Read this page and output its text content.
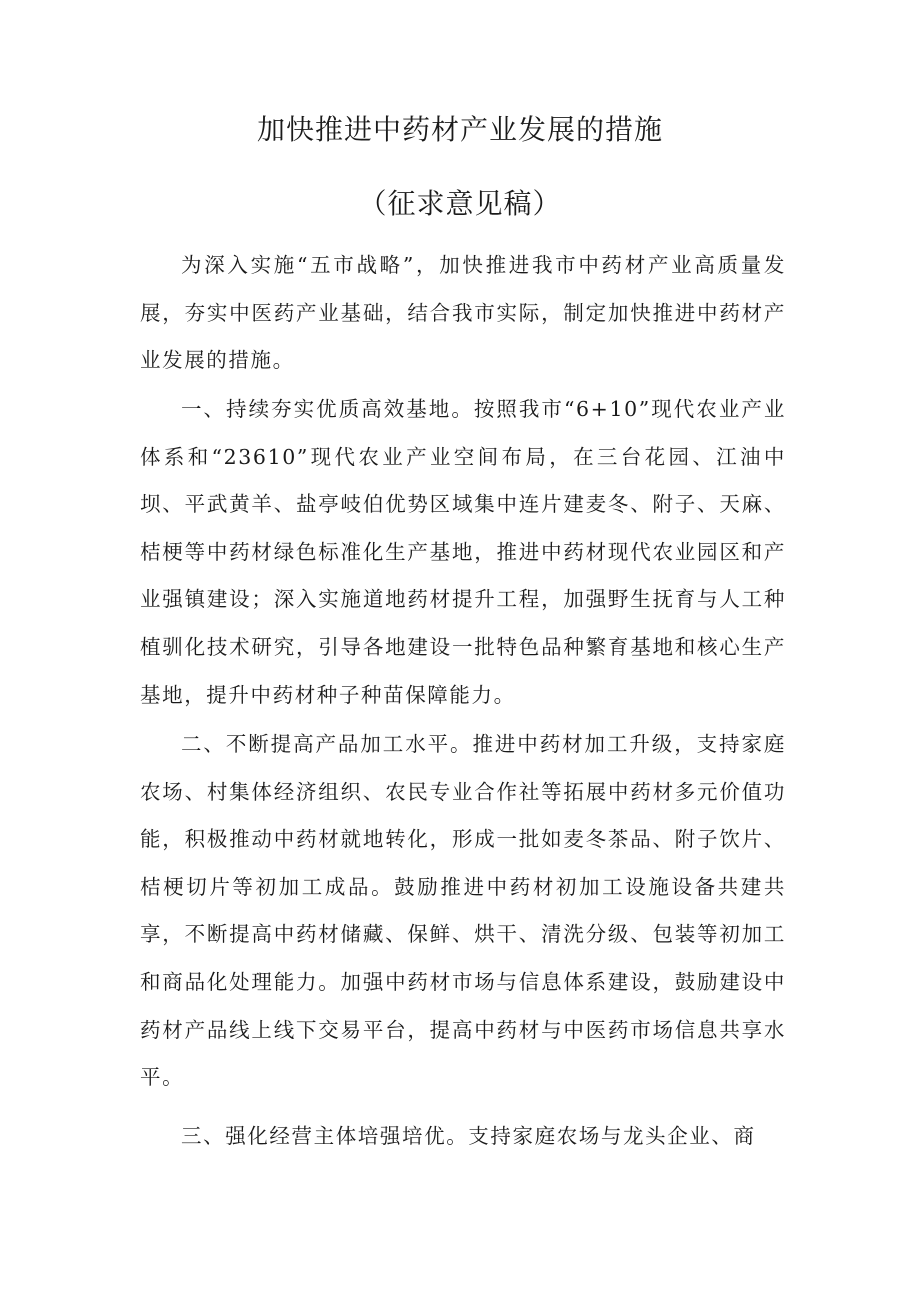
加快推进中药材产业发展的措施
（征求意见稿）

为深入实施“五市战略”，加快推进我市中药材产业高质量发展，夯实中医药产业基础，结合我市实际，制定加快推进中药材产业发展的措施。

一、持续夯实优质高效基地。按照我市“6+10”现代农业产业体系和“23610”现代农业产业空间布局，在三台花园、江油中坝、平武黄羊、盐亭岐伯优势区域集中连片建麦冬、附子、天麻、桔梗等中药材绿色标准化生产基地，推进中药材现代农业园区和产业强镇建设；深入实施道地药材提升工程，加强野生抚育与人工种植驯化技术研究，引导各地建设一批特色品种繁育基地和核心生产基地，提升中药材种子种苗保障能力。

二、不断提高产品加工水平。推进中药材加工升级，支持家庭农场、村集体经济组织、农民专业合作社等拓展中药材多元价值功能，积极推动中药材就地转化，形成一批如麦冬茶品、附子饮片、桔梗切片等初加工成品。鼓励推进中药材初加工设施设备共建共享，不断提高中药材储藏、保鲜、烘干、清洗分级、包装等初加工和商品化处理能力。加强中药材市场与信息体系建设，鼓励建设中药材产品线上线下交易平台，提高中药材与中医药市场信息共享水平。

三、强化经营主体培强培优。支持家庭农场与龙头企业、商
